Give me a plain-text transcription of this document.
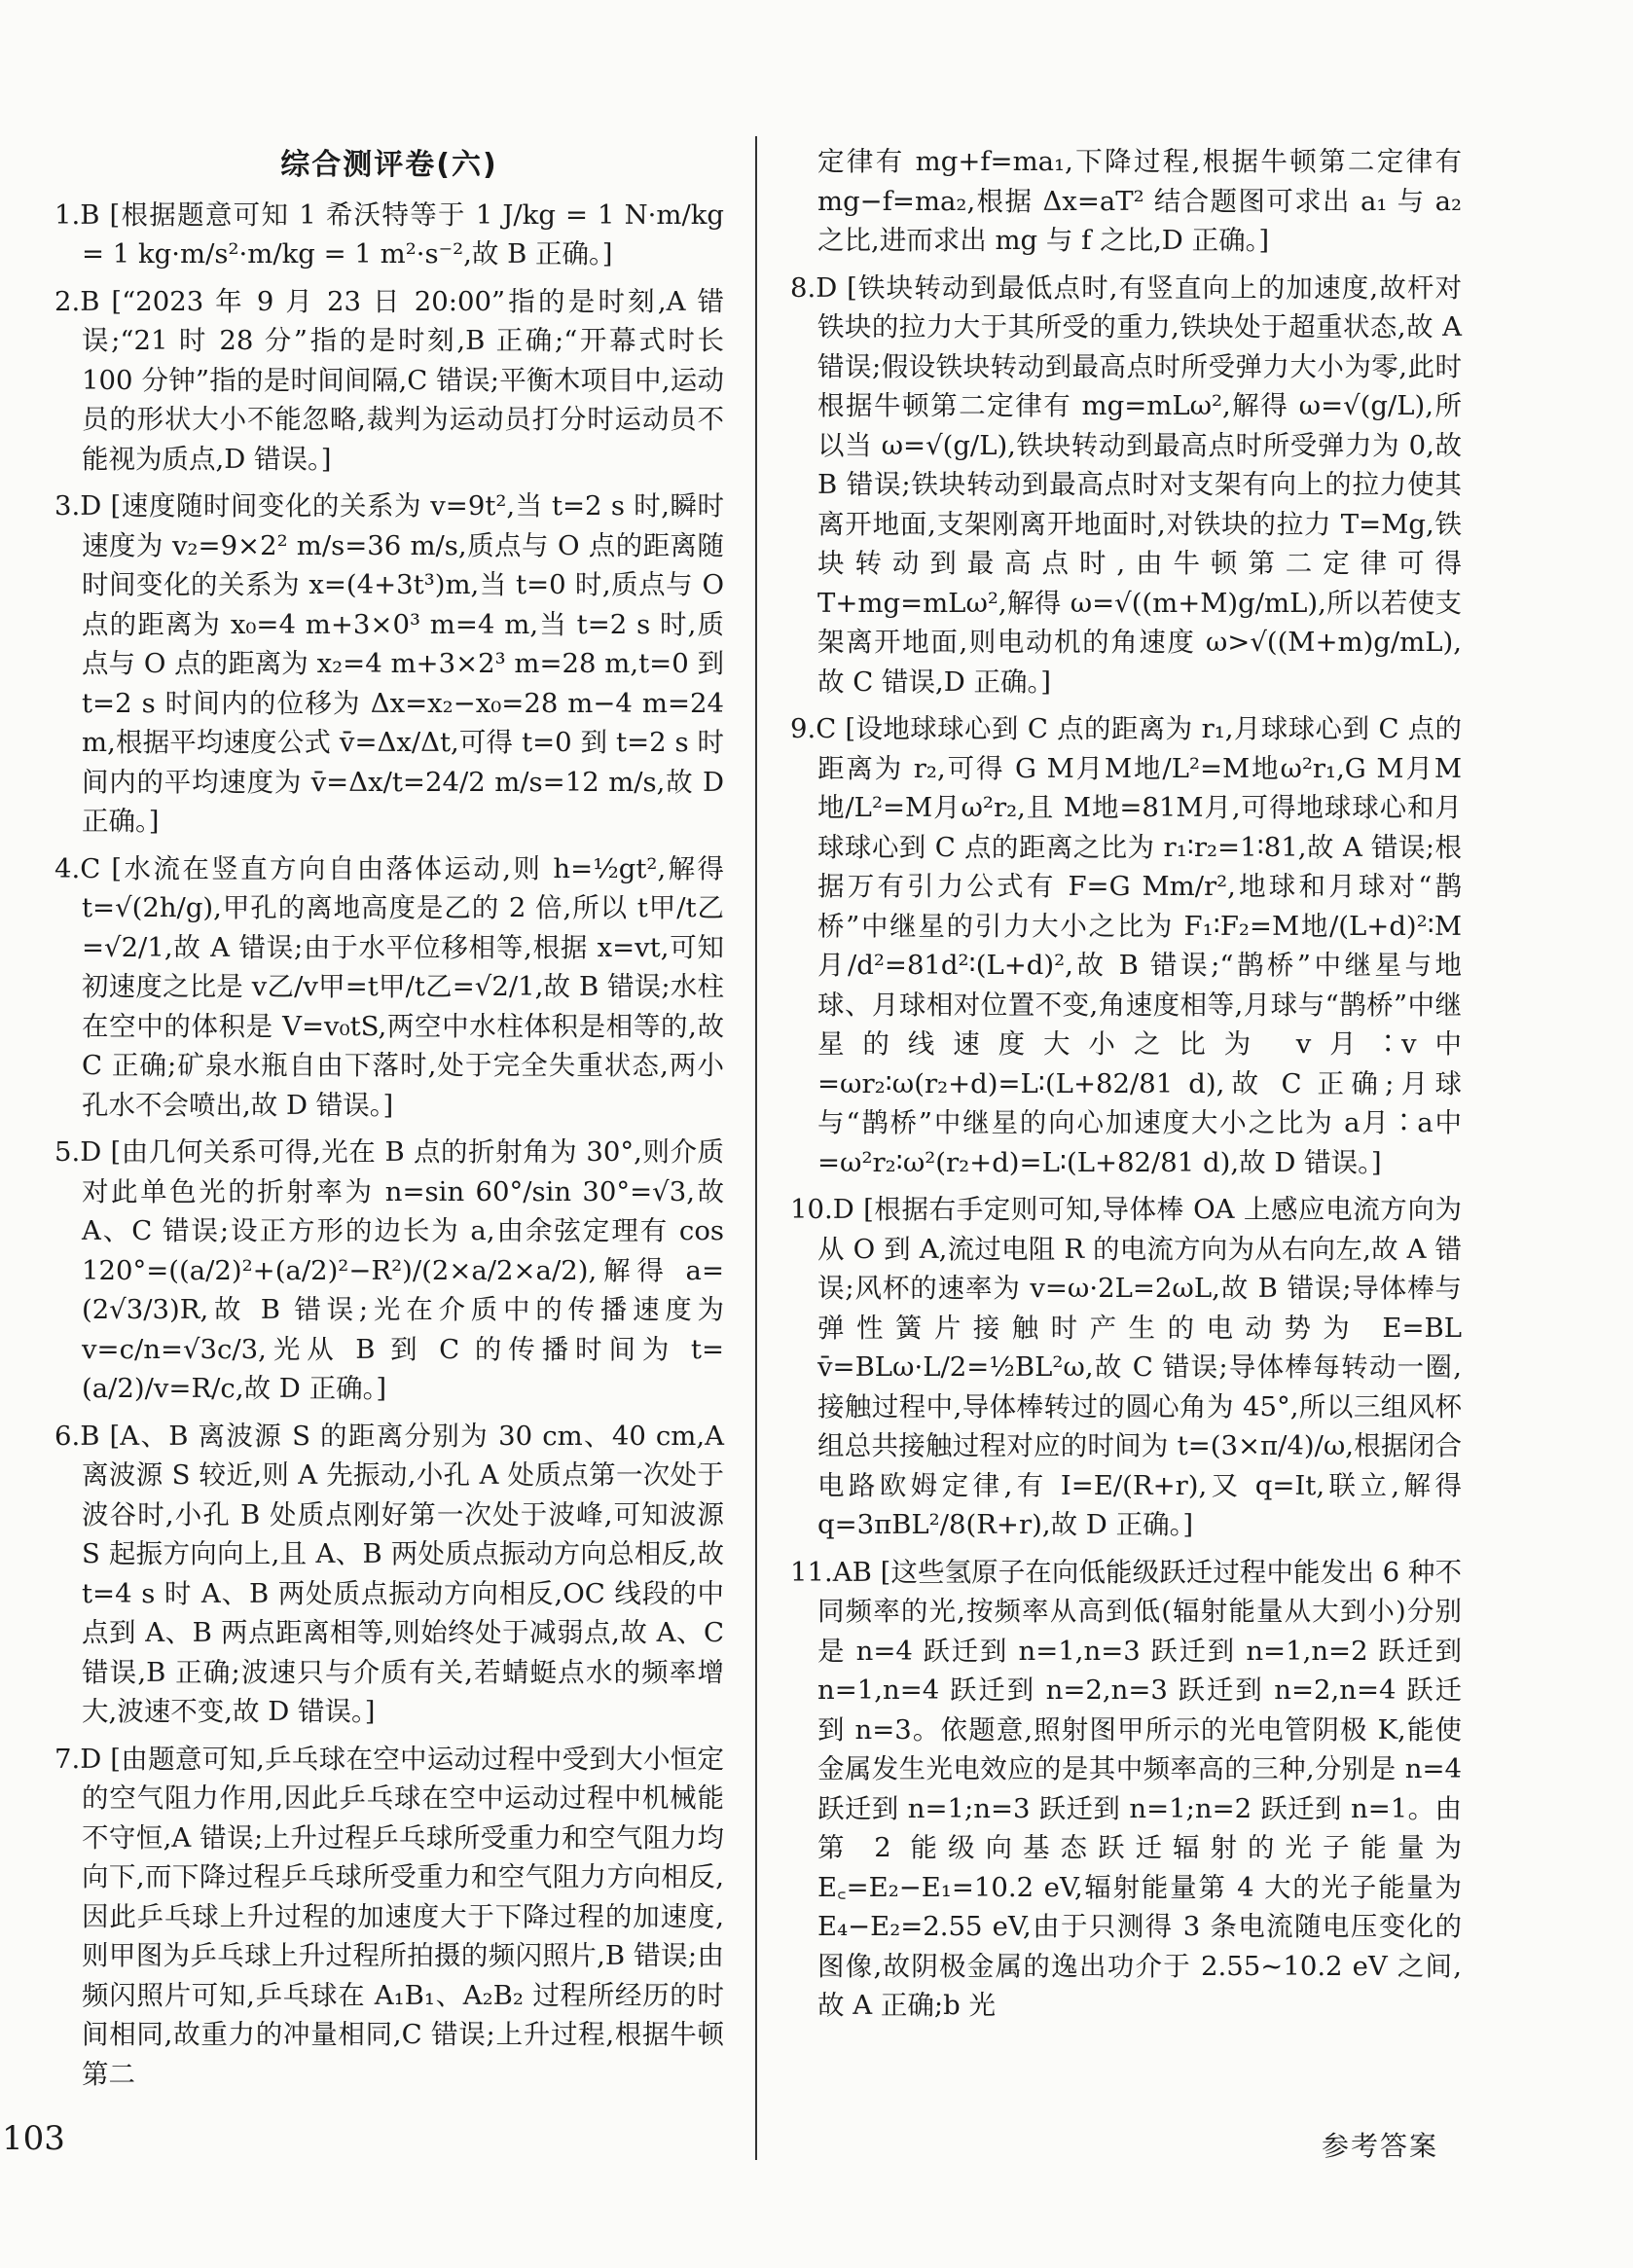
综合测评卷(六)

1.B [根据题意可知 1 希沃特等于 1 J/kg = 1 N·m/kg = 1 kg·m/s²·m/kg = 1 m²·s⁻²,故 B 正确。]

2.B [“2023 年 9 月 23 日 20:00”指的是时刻,A 错误;“21 时 28 分”指的是时刻,B 正确;“开幕式时长 100 分钟”指的是时间间隔,C 错误;平衡木项目中,运动员的形状大小不能忽略,裁判为运动员打分时运动员不能视为质点,D 错误。]

3.D [速度随时间变化的关系为 v=9t²,当 t=2 s 时,瞬时速度为 v₂=9×2² m/s=36 m/s,质点与 O 点的距离随时间变化的关系为 x=(4+3t³)m,当 t=0 时,质点与 O 点的距离为 x₀=4 m+3×0³ m=4 m,当 t=2 s 时,质点与 O 点的距离为 x₂=4 m+3×2³ m=28 m,t=0 到 t=2 s 时间内的位移为 Δx=x₂−x₀=28 m−4 m=24 m,根据平均速度公式 v̄=Δx/Δt,可得 t=0 到 t=2 s 时间内的平均速度为 v̄=Δx/t=24/2 m/s=12 m/s,故 D 正确。]

4.C [水流在竖直方向自由落体运动,则 h=½gt²,解得 t=√(2h/g),甲孔的离地高度是乙的 2 倍,所以 t甲/t乙=√2/1,故 A 错误;由于水平位移相等,根据 x=vt,可知初速度之比是 v乙/v甲=t甲/t乙=√2/1,故 B 错误;水柱在空中的体积是 V=v₀tS,两空中水柱体积是相等的,故 C 正确;矿泉水瓶自由下落时,处于完全失重状态,两小孔水不会喷出,故 D 错误。]

5.D [由几何关系可得,光在 B 点的折射角为 30°,则介质对此单色光的折射率为 n=sin 60°/sin 30°=√3,故 A、C 错误;设正方形的边长为 a,由余弦定理有 cos 120°=((a/2)²+(a/2)²−R²)/(2×a/2×a/2),解得 a=(2√3/3)R,故 B 错误;光在介质中的传播速度为 v=c/n=√3c/3,光从 B 到 C 的传播时间为 t=(a/2)/v=R/c,故 D 正确。]

6.B [A、B 离波源 S 的距离分别为 30 cm、40 cm,A 离波源 S 较近,则 A 先振动,小孔 A 处质点第一次处于波谷时,小孔 B 处质点刚好第一次处于波峰,可知波源 S 起振方向向上,且 A、B 两处质点振动方向总相反,故 t=4 s 时 A、B 两处质点振动方向相反,OC 线段的中点到 A、B 两点距离相等,则始终处于减弱点,故 A、C 错误,B 正确;波速只与介质有关,若蜻蜓点水的频率增大,波速不变,故 D 错误。]

7.D [由题意可知,乒乓球在空中运动过程中受到大小恒定的空气阻力作用,因此乒乓球在空中运动过程中机械能不守恒,A 错误;上升过程乒乓球所受重力和空气阻力均向下,而下降过程乒乓球所受重力和空气阻力方向相反,因此乒乓球上升过程的加速度大于下降过程的加速度,则甲图为乒乓球上升过程所拍摄的频闪照片,B 错误;由频闪照片可知,乒乓球在 A₁B₁、A₂B₂ 过程所经历的时间相同,故重力的冲量相同,C 错误;上升过程,根据牛顿第二

定律有 mg+f=ma₁,下降过程,根据牛顿第二定律有 mg−f=ma₂,根据 Δx=aT² 结合题图可求出 a₁ 与 a₂ 之比,进而求出 mg 与 f 之比,D 正确。]

8.D [铁块转动到最低点时,有竖直向上的加速度,故杆对铁块的拉力大于其所受的重力,铁块处于超重状态,故 A 错误;假设铁块转动到最高点时所受弹力大小为零,此时根据牛顿第二定律有 mg=mLω²,解得 ω=√(g/L),所以当 ω=√(g/L),铁块转动到最高点时所受弹力为 0,故 B 错误;铁块转动到最高点时对支架有向上的拉力使其离开地面,支架刚离开地面时,对铁块的拉力 T=Mg,铁块转动到最高点时,由牛顿第二定律可得 T+mg=mLω²,解得 ω=√((m+M)g/mL),所以若使支架离开地面,则电动机的角速度 ω>√((M+m)g/mL),故 C 错误,D 正确。]

9.C [设地球球心到 C 点的距离为 r₁,月球球心到 C 点的距离为 r₂,可得 G M月M地/L²=M地ω²r₁,G M月M地/L²=M月ω²r₂,且 M地=81M月,可得地球球心和月球球心到 C 点的距离之比为 r₁∶r₂=1∶81,故 A 错误;根据万有引力公式有 F=G Mm/r²,地球和月球对“鹊桥”中继星的引力大小之比为 F₁∶F₂=M地/(L+d)²∶M月/d²=81d²∶(L+d)²,故 B 错误;“鹊桥”中继星与地球、月球相对位置不变,角速度相等,月球与“鹊桥”中继星的线速度大小之比为 v月∶v中=ωr₂∶ω(r₂+d)=L∶(L+82/81 d),故 C 正确;月球与“鹊桥”中继星的向心加速度大小之比为 a月∶a中=ω²r₂∶ω²(r₂+d)=L∶(L+82/81 d),故 D 错误。]

10.D [根据右手定则可知,导体棒 OA 上感应电流方向为从 O 到 A,流过电阻 R 的电流方向为从右向左,故 A 错误;风杯的速率为 v=ω·2L=2ωL,故 B 错误;导体棒与弹性簧片接触时产生的电动势为 E=BL v̄=BLω·L/2=½BL²ω,故 C 错误;导体棒每转动一圈,接触过程中,导体棒转过的圆心角为 45°,所以三组风杯组总共接触过程对应的时间为 t=(3×π/4)/ω,根据闭合电路欧姆定律,有 I=E/(R+r),又 q=It,联立,解得 q=3πBL²/8(R+r),故 D 正确。]

11.AB [这些氢原子在向低能级跃迁过程中能发出 6 种不同频率的光,按频率从高到低(辐射能量从大到小)分别是 n=4 跃迁到 n=1,n=3 跃迁到 n=1,n=2 跃迁到 n=1,n=4 跃迁到 n=2,n=3 跃迁到 n=2,n=4 跃迁到 n=3。依题意,照射图甲所示的光电管阴极 K,能使金属发生光电效应的是其中频率高的三种,分别是 n=4 跃迁到 n=1;n=3 跃迁到 n=1;n=2 跃迁到 n=1。由第 2 能级向基态跃迁辐射的光子能量为 E꜀=E₂−E₁=10.2 eV,辐射能量第 4 大的光子能量为 E₄−E₂=2.55 eV,由于只测得 3 条电流随电压变化的图像,故阴极金属的逸出功介于 2.55~10.2 eV 之间,故 A 正确;b 光

103	参考答案
